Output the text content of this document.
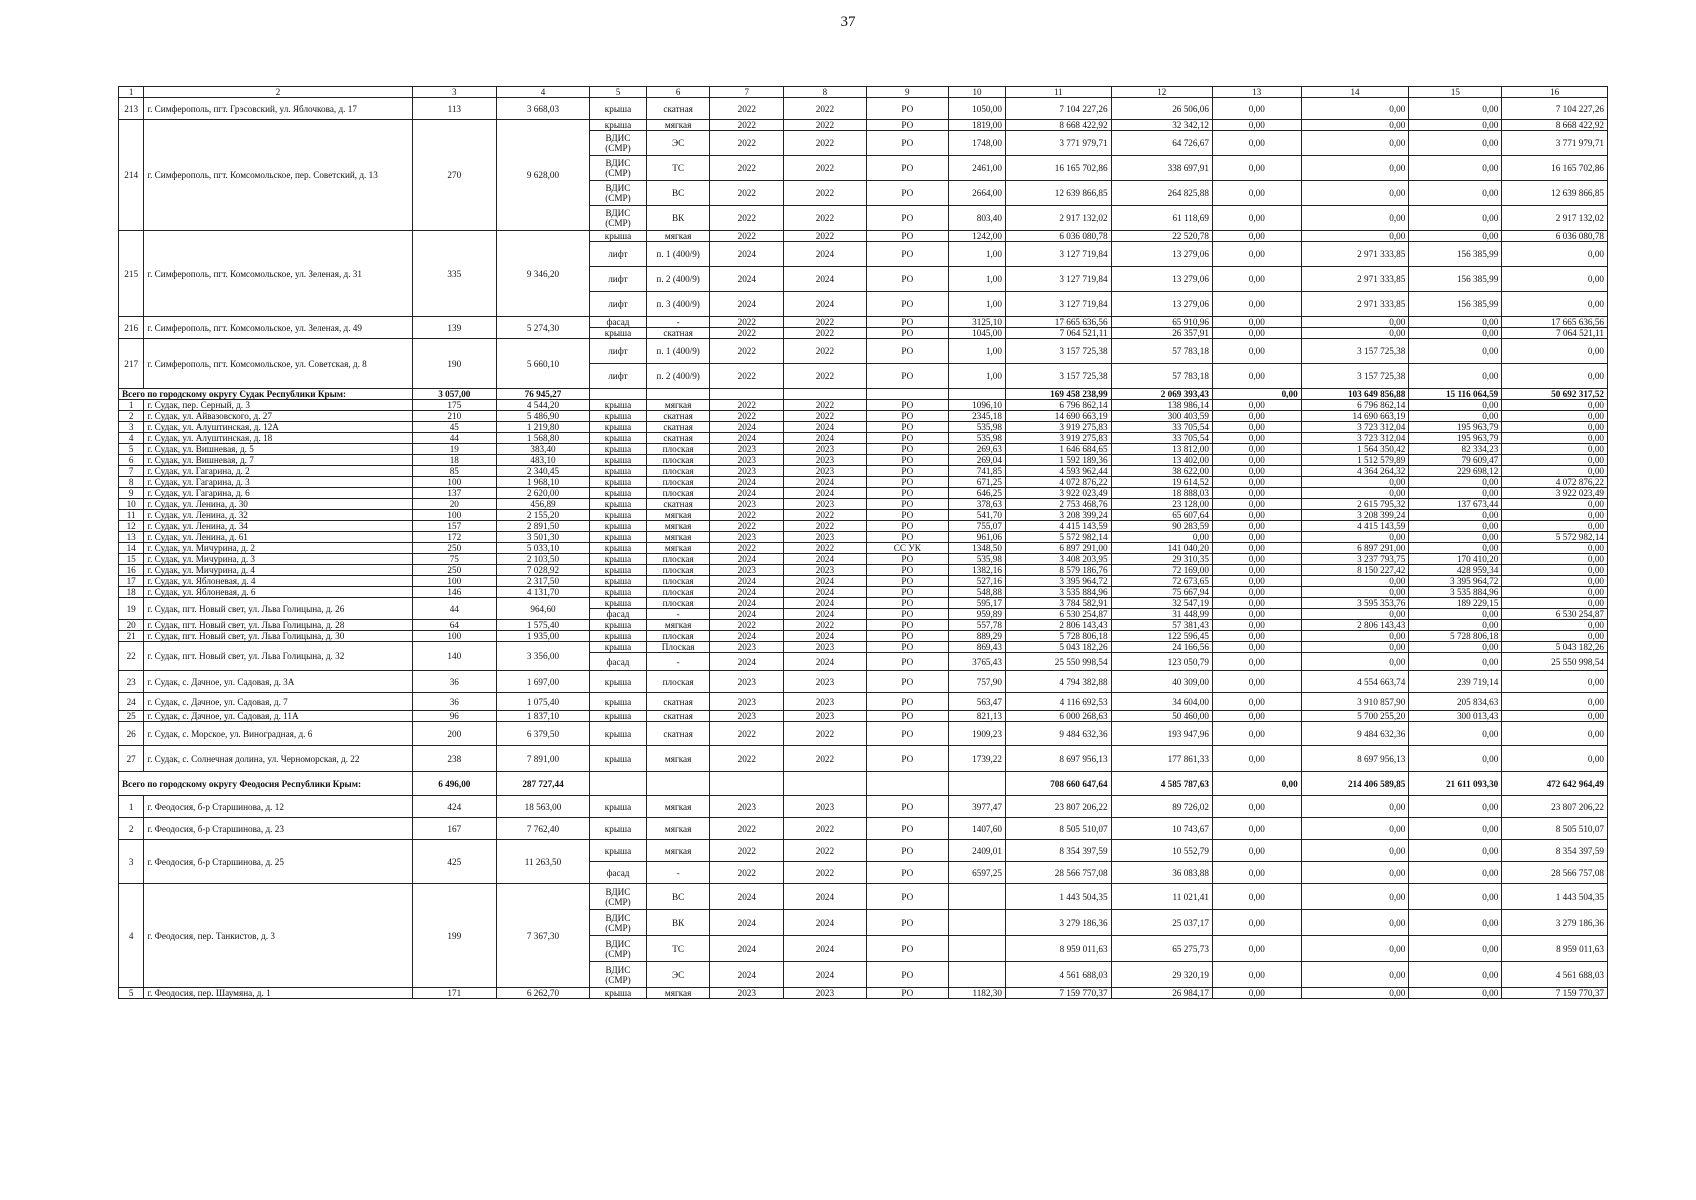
37
1	2	3	4	5	6	7	8	9	10	11	12	13	14	15	16
213	г. Симферополь, пгт. Грэсовский, ул. Яблочкова, д. 17	113	3 668,03	крыша	скатная	2022	2022	РО	1050,00	7 104 227,26	26 506,06	0,00	0,00	0,00	7 104 227,26
214	г. Симферополь, пгт. Комсомольское, пер. Советский, д. 13	270	9 628,00	крыша	мягкая	2022	2022	РО	1819,00	8 668 422,92	32 342,12	0,00	0,00	0,00	8 668 422,92
				ВДИС (СМР)	ЭС	2022	2022	РО	1748,00	3 771 979,71	64 726,67	0,00	0,00	0,00	3 771 979,71
				ВДИС (СМР)	ТС	2022	2022	РО	2461,00	16 165 702,86	338 697,91	0,00	0,00	0,00	16 165 702,86
				ВДИС (СМР)	ВС	2022	2022	РО	2664,00	12 639 866,85	264 825,88	0,00	0,00	0,00	12 639 866,85
				ВДИС (СМР)	ВК	2022	2022	РО	803,40	2 917 132,02	61 118,69	0,00	0,00	0,00	2 917 132,02
215	г. Симферополь, пгт. Комсомольское, ул. Зеленая, д. 31	335	9 346,20	крыша	мягкая	2022	2022	РО	1242,00	6 036 080,78	22 520,78	0,00	0,00	0,00	6 036 080,78
				лифт	п. 1 (400/9)	2024	2024	РО	1,00	3 127 719,84	13 279,06	0,00	2 971 333,85	156 385,99	0,00
				лифт	п. 2 (400/9)	2024	2024	РО	1,00	3 127 719,84	13 279,06	0,00	2 971 333,85	156 385,99	0,00
				лифт	п. 3 (400/9)	2024	2024	РО	1,00	3 127 719,84	13 279,06	0,00	2 971 333,85	156 385,99	0,00
216	г. Симферополь, пгт. Комсомольское, ул. Зеленая, д. 49	139	5 274,30	фасад	-	2022	2022	РО	3125,10	17 665 636,56	65 910,96	0,00	0,00	0,00	17 665 636,56
				крыша	скатная	2022	2022	РО	1045,00	7 064 521,11	26 357,91	0,00	0,00	0,00	7 064 521,11
217	г. Симферополь, пгт. Комсомольское, ул. Советская, д. 8	190	5 660,10	лифт	п. 1 (400/9)	2022	2022	РО	1,00	3 157 725,38	57 783,18	0,00	3 157 725,38	0,00	0,00
				лифт	п. 2 (400/9)	2022	2022	РО	1,00	3 157 725,38	57 783,18	0,00	3 157 725,38	0,00	0,00
Всего по городскому округу Судак Республики Крым:		3 057,00	76 945,27							169 458 238,99	2 069 393,43	0,00	103 649 856,88	15 116 064,59	50 692 317,52
1	г. Судак, пер. Серный, д. 3	175	4 544,20	крыша	мягкая	2022	2022	РО	1096,10	6 796 862,14	138 986,14	0,00	6 796 862,14	0,00	0,00
2	г. Судак, ул. Айвазовского, д. 27	210	5 486,90	крыша	скатная	2022	2022	РО	2345,18	14 690 663,19	300 403,59	0,00	14 690 663,19	0,00	0,00
3	г. Судак, ул. Алуштинская, д. 12А	45	1 219,80	крыша	скатная	2024	2024	РО	535,98	3 919 275,83	33 705,54	0,00	3 723 312,04	195 963,79	0,00
4	г. Судак, ул. Алуштинская, д. 18	44	1 568,80	крыша	скатная	2024	2024	РО	535,98	3 919 275,83	33 705,54	0,00	3 723 312,04	195 963,79	0,00
5	г. Судак, ул. Вишневая, д. 5	19	383,40	крыша	плоская	2023	2023	РО	269,63	1 646 684,65	13 812,00	0,00	1 564 350,42	82 334,23	0,00
6	г. Судак, ул. Вишневая, д. 7	18	483,10	крыша	плоская	2023	2023	РО	269,04	1 592 189,36	13 402,00	0,00	1 512 579,89	79 609,47	0,00
7	г. Судак, ул. Гагарина, д. 2	85	2 340,45	крыша	плоская	2023	2023	РО	741,85	4 593 962,44	38 622,00	0,00	4 364 264,32	229 698,12	0,00
8	г. Судак, ул. Гагарина, д. 3	100	1 968,10	крыша	плоская	2024	2024	РО	671,25	4 072 876,22	19 614,52	0,00	0,00	0,00	4 072 876,22
9	г. Судак, ул. Гагарина, д. 6	137	2 620,00	крыша	плоская	2024	2024	РО	646,25	3 922 023,49	18 888,03	0,00	0,00	0,00	3 922 023,49
10	г. Судак, ул. Ленина, д. 30	20	456,89	крыша	скатная	2023	2023	РО	378,63	2 753 468,76	23 128,00	0,00	2 615 795,32	137 673,44	0,00
11	г. Судак, ул. Ленина, д. 32	100	2 155,20	крыша	мягкая	2022	2022	РО	541,70	3 208 399,24	65 607,64	0,00	3 208 399,24	0,00	0,00
12	г. Судак, ул. Ленина, д. 34	157	2 891,50	крыша	мягкая	2022	2022	РО	755,07	4 415 143,59	90 283,59	0,00	4 415 143,59	0,00	0,00
13	г. Судак, ул. Ленина, д. 61	172	3 501,30	крыша	мягкая	2023	2023	РО	961,06	5 572 982,14	0,00	0,00	0,00	0,00	5 572 982,14
14	г. Судак, ул. Мичурина, д. 2	250	5 033,10	крыша	мягкая	2022	2022	СС УК	1348,50	6 897 291,00	141 040,20	0,00	6 897 291,00	0,00	0,00
15	г. Судак, ул. Мичурина, д. 3	75	2 103,50	крыша	плоская	2024	2024	РО	535,98	3 408 203,95	29 310,35	0,00	3 237 793,75	170 410,20	0,00
16	г. Судак, ул. Мичурина, д. 4	250	7 028,92	крыша	плоская	2023	2023	РО	1382,16	8 579 186,76	72 169,00	0,00	8 150 227,42	428 959,34	0,00
17	г. Судак, ул. Яблоневая, д. 4	100	2 317,50	крыша	плоская	2024	2024	РО	527,16	3 395 964,72	72 673,65	0,00	0,00	3 395 964,72	0,00
18	г. Судак, ул. Яблоневая, д. 6	146	4 131,70	крыша	плоская	2024	2024	РО	548,88	3 535 884,96	75 667,94	0,00	0,00	3 535 884,96	0,00
19	г. Судак, пгт. Новый свет, ул. Льва Голицына, д. 26	44	964,60	крыша	плоская	2024	2024	РО	595,17	3 784 582,91	32 547,19	0,00	3 595 353,76	189 229,15	0,00
				фасад	-	2024	2024	РО	959,89	6 530 254,87	31 448,99	0,00	0,00	0,00	6 530 254,87
20	г. Судак, пгт. Новый свет, ул. Льва Голицына, д. 28	64	1 575,40	крыша	мягкая	2022	2022	РО	557,78	2 806 143,43	57 381,43	0,00	2 806 143,43	0,00	0,00
21	г. Судак, пгт. Новый свет, ул. Льва Голицына, д. 30	100	1 935,00	крыша	плоская	2024	2024	РО	889,29	5 728 806,18	122 596,45	0,00	0,00	5 728 806,18	0,00
22	г. Судак, пгт. Новый свет, ул. Льва Голицына, д. 32	140	3 356,00	крыша	Плоская	2023	2023	РО	869,43	5 043 182,26	24 166,56	0,00	0,00	0,00	5 043 182,26
				фасад	-	2024	2024	РО	3765,43	25 550 998,54	123 050,79	0,00	0,00	0,00	25 550 998,54
23	г. Судак, с. Дачное, ул. Садовая, д. 3А	36	1 697,00	крыша	плоская	2023	2023	РО	757,90	4 794 382,88	40 309,00	0,00	4 554 663,74	239 719,14	0,00
24	г. Судак, с. Дачное, ул. Садовая, д. 7	36	1 075,40	крыша	скатная	2023	2023	РО	563,47	4 116 692,53	34 604,00	0,00	3 910 857,90	205 834,63	0,00
25	г. Судак, с. Дачное, ул. Садовая, д. 11А	96	1 837,10	крыша	скатная	2023	2023	РО	821,13	6 000 268,63	50 460,00	0,00	5 700 255,20	300 013,43	0,00
26	г. Судак, с. Морское, ул. Виноградная, д. 6	200	6 379,50	крыша	скатная	2022	2022	РО	1909,23	9 484 632,36	193 947,96	0,00	9 484 632,36	0,00	0,00
27	г. Судак, с. Солнечная долина, ул. Черноморская, д. 22	238	7 891,00	крыша	мягкая	2022	2022	РО	1739,22	8 697 956,13	177 861,33	0,00	8 697 956,13	0,00	0,00
Всего по городскому округу Феодосия Республики Крым:		6 496,00	287 727,44							708 660 647,64	4 585 787,63	0,00	214 406 589,85	21 611 093,30	472 642 964,49
1	г. Феодосия, б-р Старшинова, д. 12	424	18 563,00	крыша	мягкая	2023	2023	РО	3977,47	23 807 206,22	89 726,02	0,00	0,00	0,00	23 807 206,22
2	г. Феодосия, б-р Старшинова, д. 23	167	7 762,40	крыша	мягкая	2022	2022	РО	1407,60	8 505 510,07	10 743,67	0,00	0,00	0,00	8 505 510,07
3	г. Феодосия, б-р Старшинова, д. 25	425	11 263,50	крыша	мягкая	2022	2022	РО	2409,01	8 354 397,59	10 552,79	0,00	0,00	0,00	8 354 397,59
				фасад	-	2022	2022	РО	6597,25	28 566 757,08	36 083,88	0,00	0,00	0,00	28 566 757,08
4	г. Феодосия, пер. Танкистов, д. 3	199	7 367,30	ВДИС (СМР)	ВС	2024	2024	РО		1 443 504,35	11 021,41	0,00	0,00	0,00	1 443 504,35
				ВДИС (СМР)	ВК	2024	2024	РО		3 279 186,36	25 037,17	0,00	0,00	0,00	3 279 186,36
				ВДИС (СМР)	ТС	2024	2024	РО		8 959 011,63	65 275,73	0,00	0,00	0,00	8 959 011,63
				ВДИС (СМР)	ЭС	2024	2024	РО		4 561 688,03	29 320,19	0,00	0,00	0,00	4 561 688,03
5	г. Феодосия, пер. Шаумяна, д. 1	171	6 262,70	крыша	мягкая	2023	2023	РО	1182,30	7 159 770,37	26 984,17	0,00	0,00	0,00	7 159 770,37
